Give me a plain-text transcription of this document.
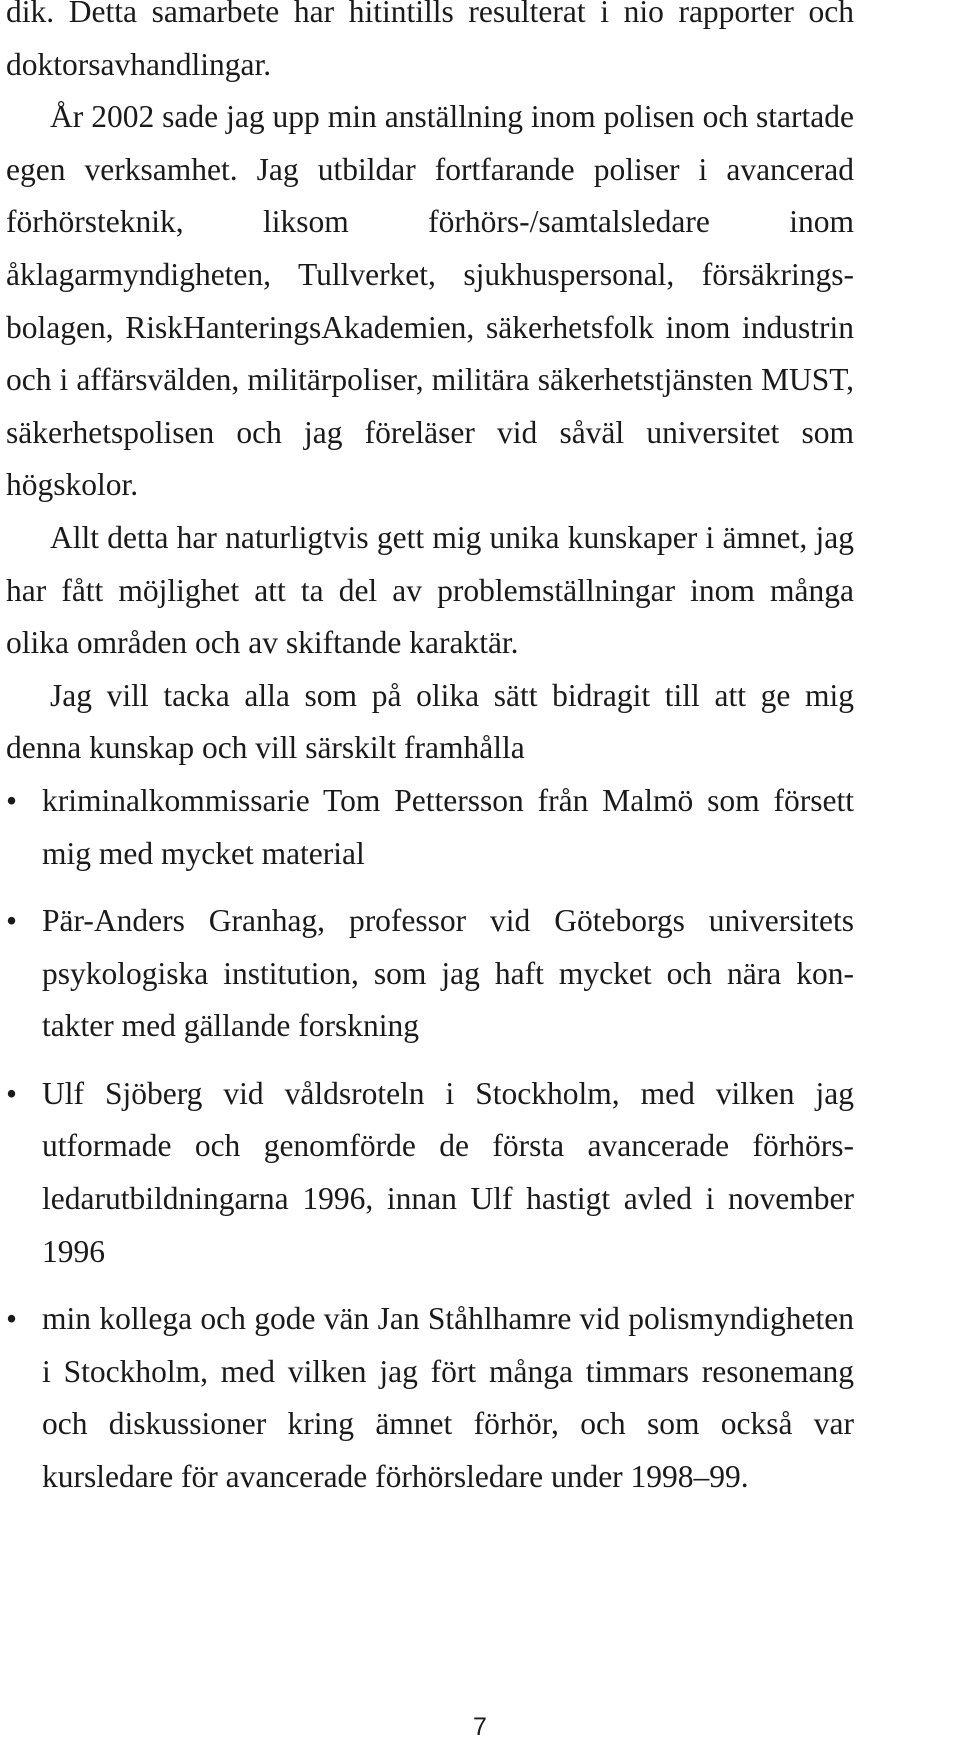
dik. Detta samarbete har hitintills resulterat i nio rapporter och doktorsavhandlingar.

År 2002 sade jag upp min anställning inom polisen och startade egen verksamhet. Jag utbildar fortfarande poliser i avancerad förhörsteknik, liksom förhörs-/samtalsledare inom åklagarmyndigheten, Tullverket, sjukhuspersonal, försäkringsbolagen, RiskHanteringsAkademien, säkerhetsfolk inom industrin och i affärsvälden, militärpoliser, militära säkerhetstjänsten MUST, säkerhetspolisen och jag föreläser vid såväl universitet som högskolor.

Allt detta har naturligtvis gett mig unika kunskaper i ämnet, jag har fått möjlighet att ta del av problemställningar inom många olika områden och av skiftande karaktär.

Jag vill tacka alla som på olika sätt bidragit till att ge mig denna kunskap och vill särskilt framhålla

• kriminalkommissarie Tom Pettersson från Malmö som försett mig med mycket material
• Pär-Anders Granhag, professor vid Göteborgs universitets psykologiska institution, som jag haft mycket och nära kontakter med gällande forskning
• Ulf Sjöberg vid våldsroteln i Stockholm, med vilken jag utformade och genomförde de första avancerade förhörsledarutbildningarna 1996, innan Ulf hastigt avled i november 1996
• min kollega och gode vän Jan Ståhlhamre vid polismyndigheten i Stockholm, med vilken jag fört många timmars resonemang och diskussioner kring ämnet förhör, och som också var kursledare för avancerade förhörsledare under 1998–99.
7
